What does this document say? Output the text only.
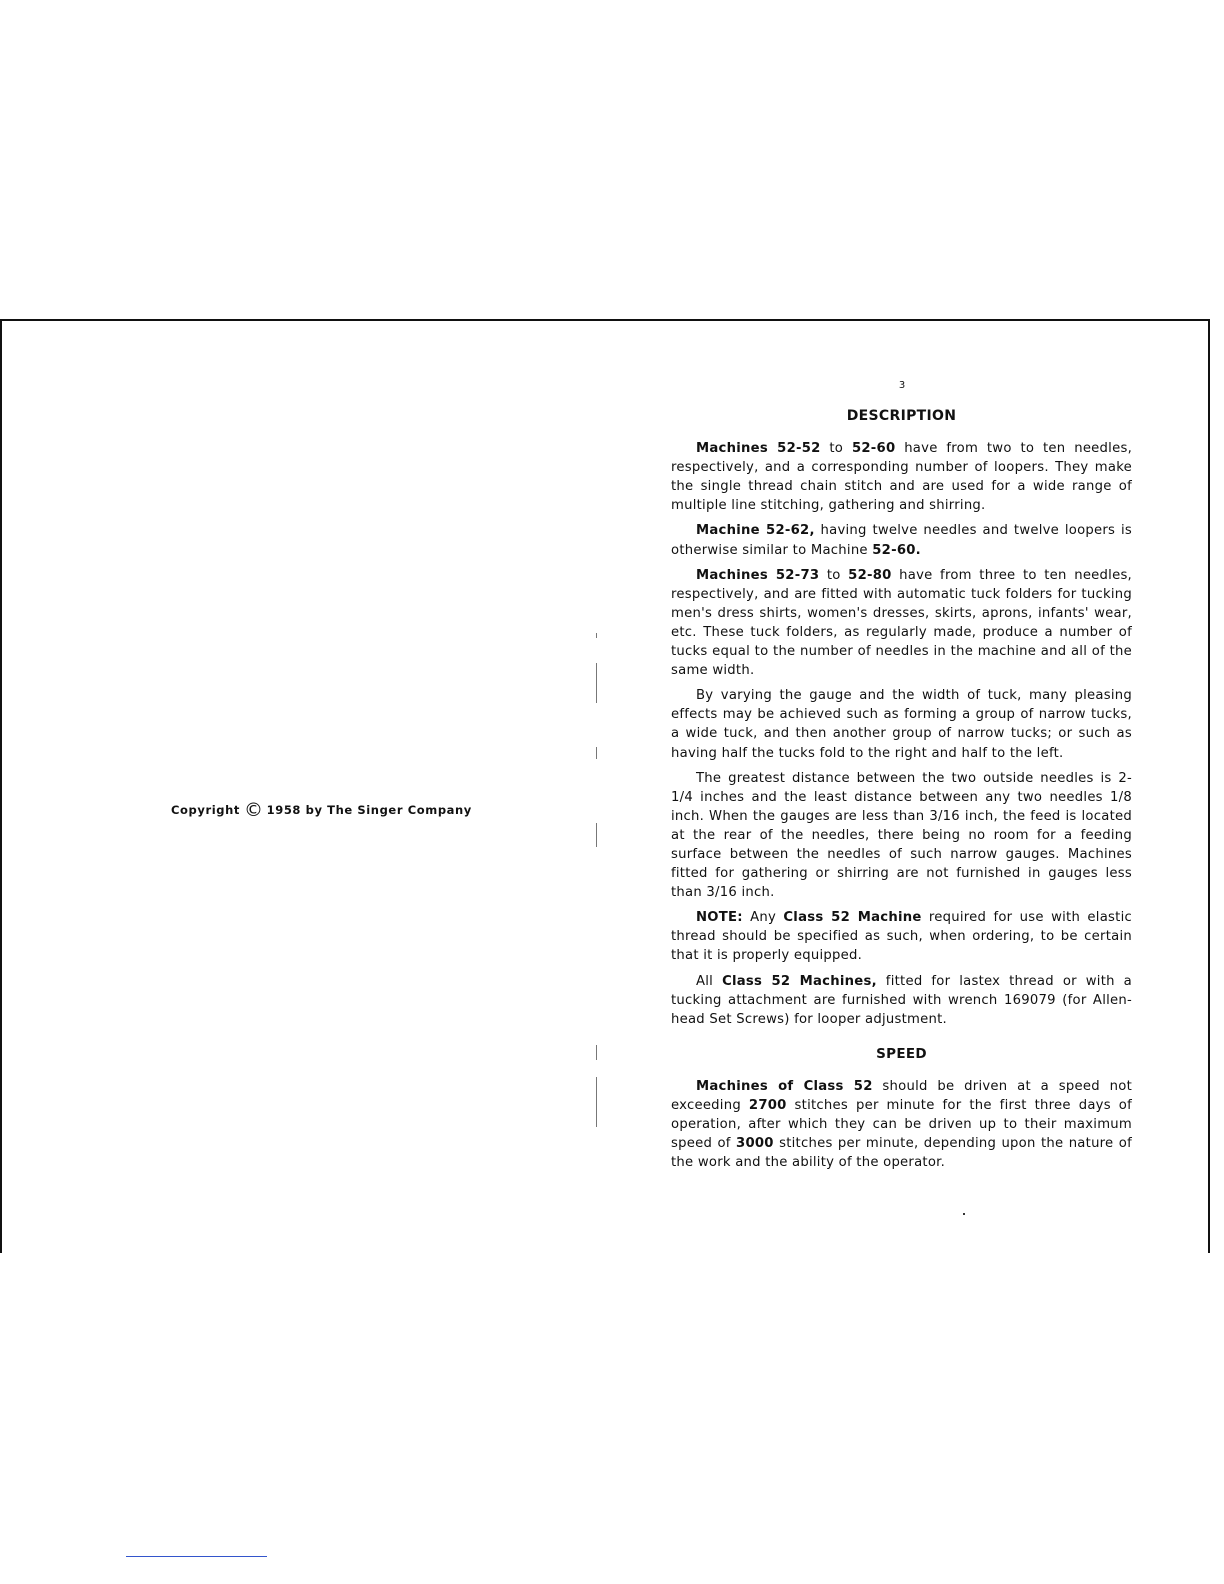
Copyright © 1958 by The Singer Company
3
DESCRIPTION

Machines 52-52 to 52-60 have from two to ten needles, respectively, and a corresponding number of loopers. They make the single thread chain stitch and are used for a wide range of multiple line stitching, gathering and shirring.

Machine 52-62, having twelve needles and twelve loopers is otherwise similar to Machine 52-60.

Machines 52-73 to 52-80 have from three to ten needles, respectively, and are fitted with automatic tuck folders for tucking men's dress shirts, women's dresses, skirts, aprons, infants' wear, etc. These tuck folders, as regularly made, produce a number of tucks equal to the number of needles in the machine and all of the same width.

By varying the gauge and the width of tuck, many pleasing effects may be achieved such as forming a group of narrow tucks, a wide tuck, and then another group of narrow tucks; or such as having half the tucks fold to the right and half to the left.

The greatest distance between the two outside needles is 2-1/4 inches and the least distance between any two needles 1/8 inch. When the gauges are less than 3/16 inch, the feed is located at the rear of the needles, there being no room for a feeding surface between the needles of such narrow gauges. Machines fitted for gathering or shirring are not furnished in gauges less than 3/16 inch.

NOTE: Any Class 52 Machine required for use with elastic thread should be specified as such, when ordering, to be certain that it is properly equipped.

All Class 52 Machines, fitted for lastex thread or with a tucking attachment are furnished with wrench 169079 (for Allen-head Set Screws) for looper adjustment.

SPEED

Machines of Class 52 should be driven at a speed not exceeding 2700 stitches per minute for the first three days of operation, after which they can be driven up to their maximum speed of 3000 stitches per minute, depending upon the nature of the work and the ability of the operator.
